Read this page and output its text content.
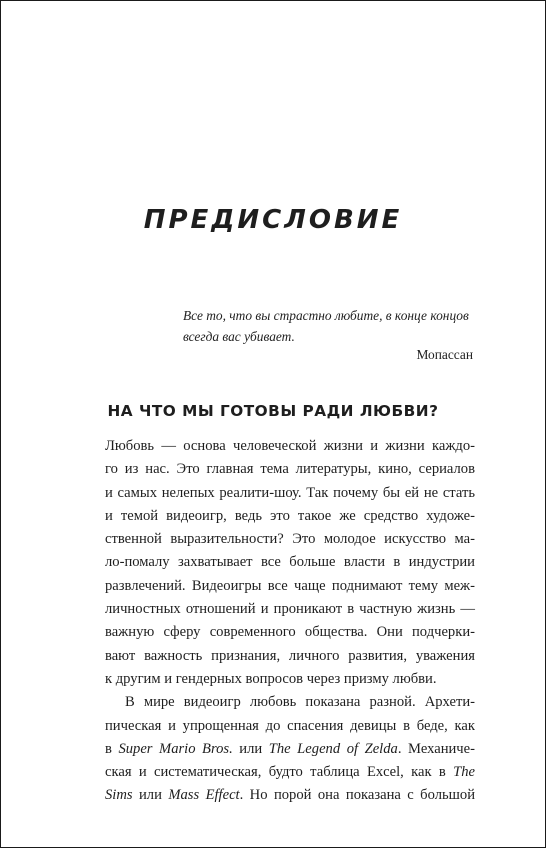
ПРЕДИСЛОВИЕ
Все то, что вы страстно любите, в конце концов
всегда вас убивает.
Мопассан
НА ЧТО МЫ ГОТОВЫ РАДИ ЛЮБВИ?
Любовь — основа человеческой жизни и жизни каждо-
го из нас. Это главная тема литературы, кино, сериалов
и самых нелепых реалити-шоу. Так почему бы ей не стать
и темой видеоигр, ведь это такое же средство художе-
ственной выразительности? Это молодое искусство ма-
ло-помалу захватывает все больше власти в индустрии
развлечений. Видеоигры все чаще поднимают тему меж-
личностных отношений и проникают в частную жизнь —
важную сферу современного общества. Они подчерки-
вают важность признания, личного развития, уважения
к другим и гендерных вопросов через призму любви.
В мире видеоигр любовь показана разной. Архети-
пическая и упрощенная до спасения девицы в беде, как
в Super Mario Bros. или The Legend of Zelda. Механиче-
ская и систематическая, будто таблица Excel, как в The
Sims или Mass Effect. Но порой она показана с большой
